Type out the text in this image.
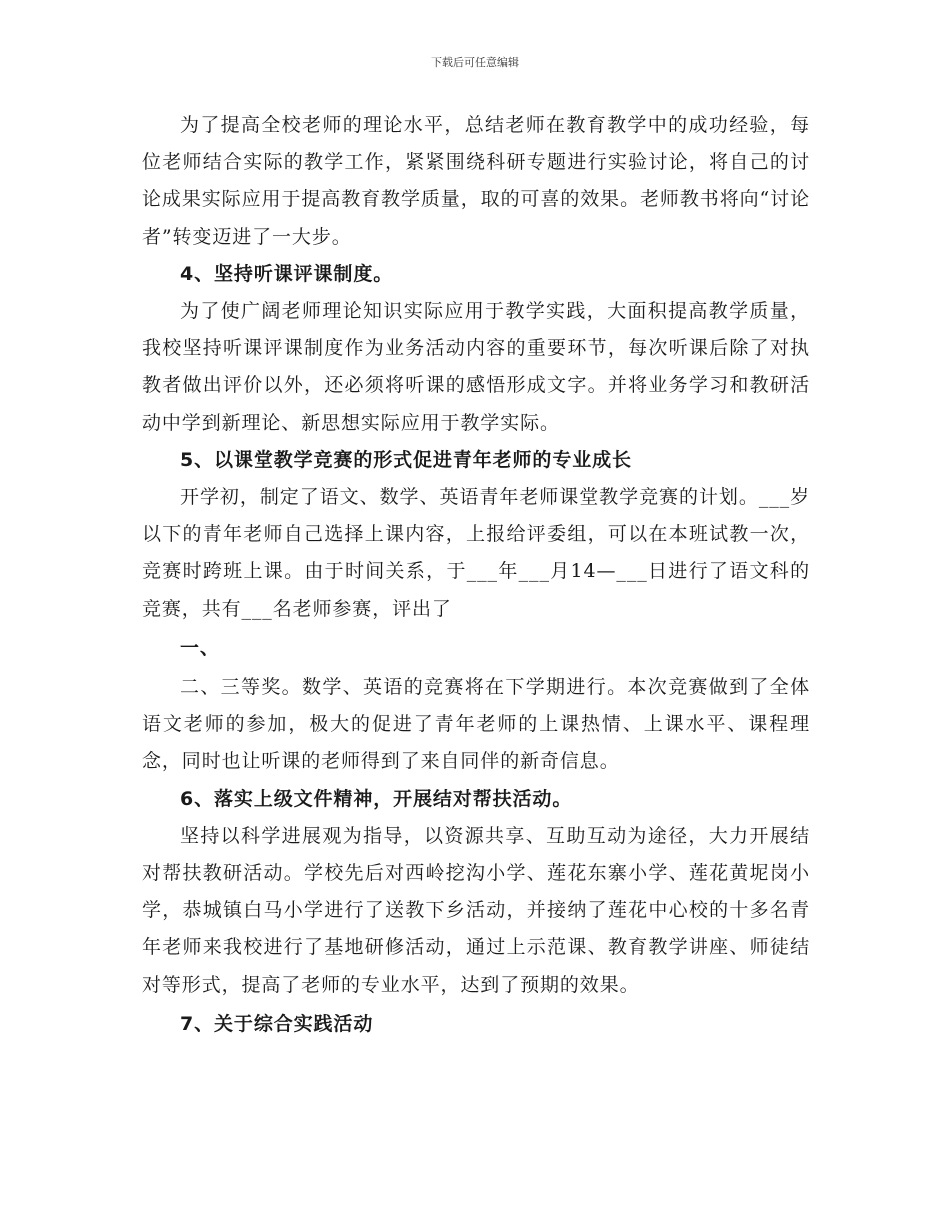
下载后可任意编辑

为了提高全校老师的理论水平，总结老师在教育教学中的成功经验，每位老师结合实际的教学工作，紧紧围绕科研专题进行实验讨论，将自己的讨论成果实际应用于提高教育教学质量，取的可喜的效果。老师教书将向“讨论者”转变迈进了一大步。

4、坚持听课评课制度。

为了使广阔老师理论知识实际应用于教学实践，大面积提高教学质量，我校坚持听课评课制度作为业务活动内容的重要环节，每次听课后除了对执教者做出评价以外，还必须将听课的感悟形成文字。并将业务学习和教研活动中学到新理论、新思想实际应用于教学实际。

5、以课堂教学竞赛的形式促进青年老师的专业成长

开学初，制定了语文、数学、英语青年老师课堂教学竞赛的计划。___岁以下的青年老师自己选择上课内容，上报给评委组，可以在本班试教一次，竞赛时跨班上课。由于时间关系，于___年___月14—___日进行了语文科的竞赛，共有___名老师参赛，评出了

一、

二、三等奖。数学、英语的竞赛将在下学期进行。本次竞赛做到了全体语文老师的参加，极大的促进了青年老师的上课热情、上课水平、课程理念，同时也让听课的老师得到了来自同伴的新奇信息。

6、落实上级文件精神，开展结对帮扶活动。

坚持以科学进展观为指导，以资源共享、互助互动为途径，大力开展结对帮扶教研活动。学校先后对西岭挖沟小学、莲花东寨小学、莲花黄坭岗小学，恭城镇白马小学进行了送教下乡活动，并接纳了莲花中心校的十多名青年老师来我校进行了基地研修活动，通过上示范课、教育教学讲座、师徒结对等形式，提高了老师的专业水平，达到了预期的效果。

7、关于综合实践活动
